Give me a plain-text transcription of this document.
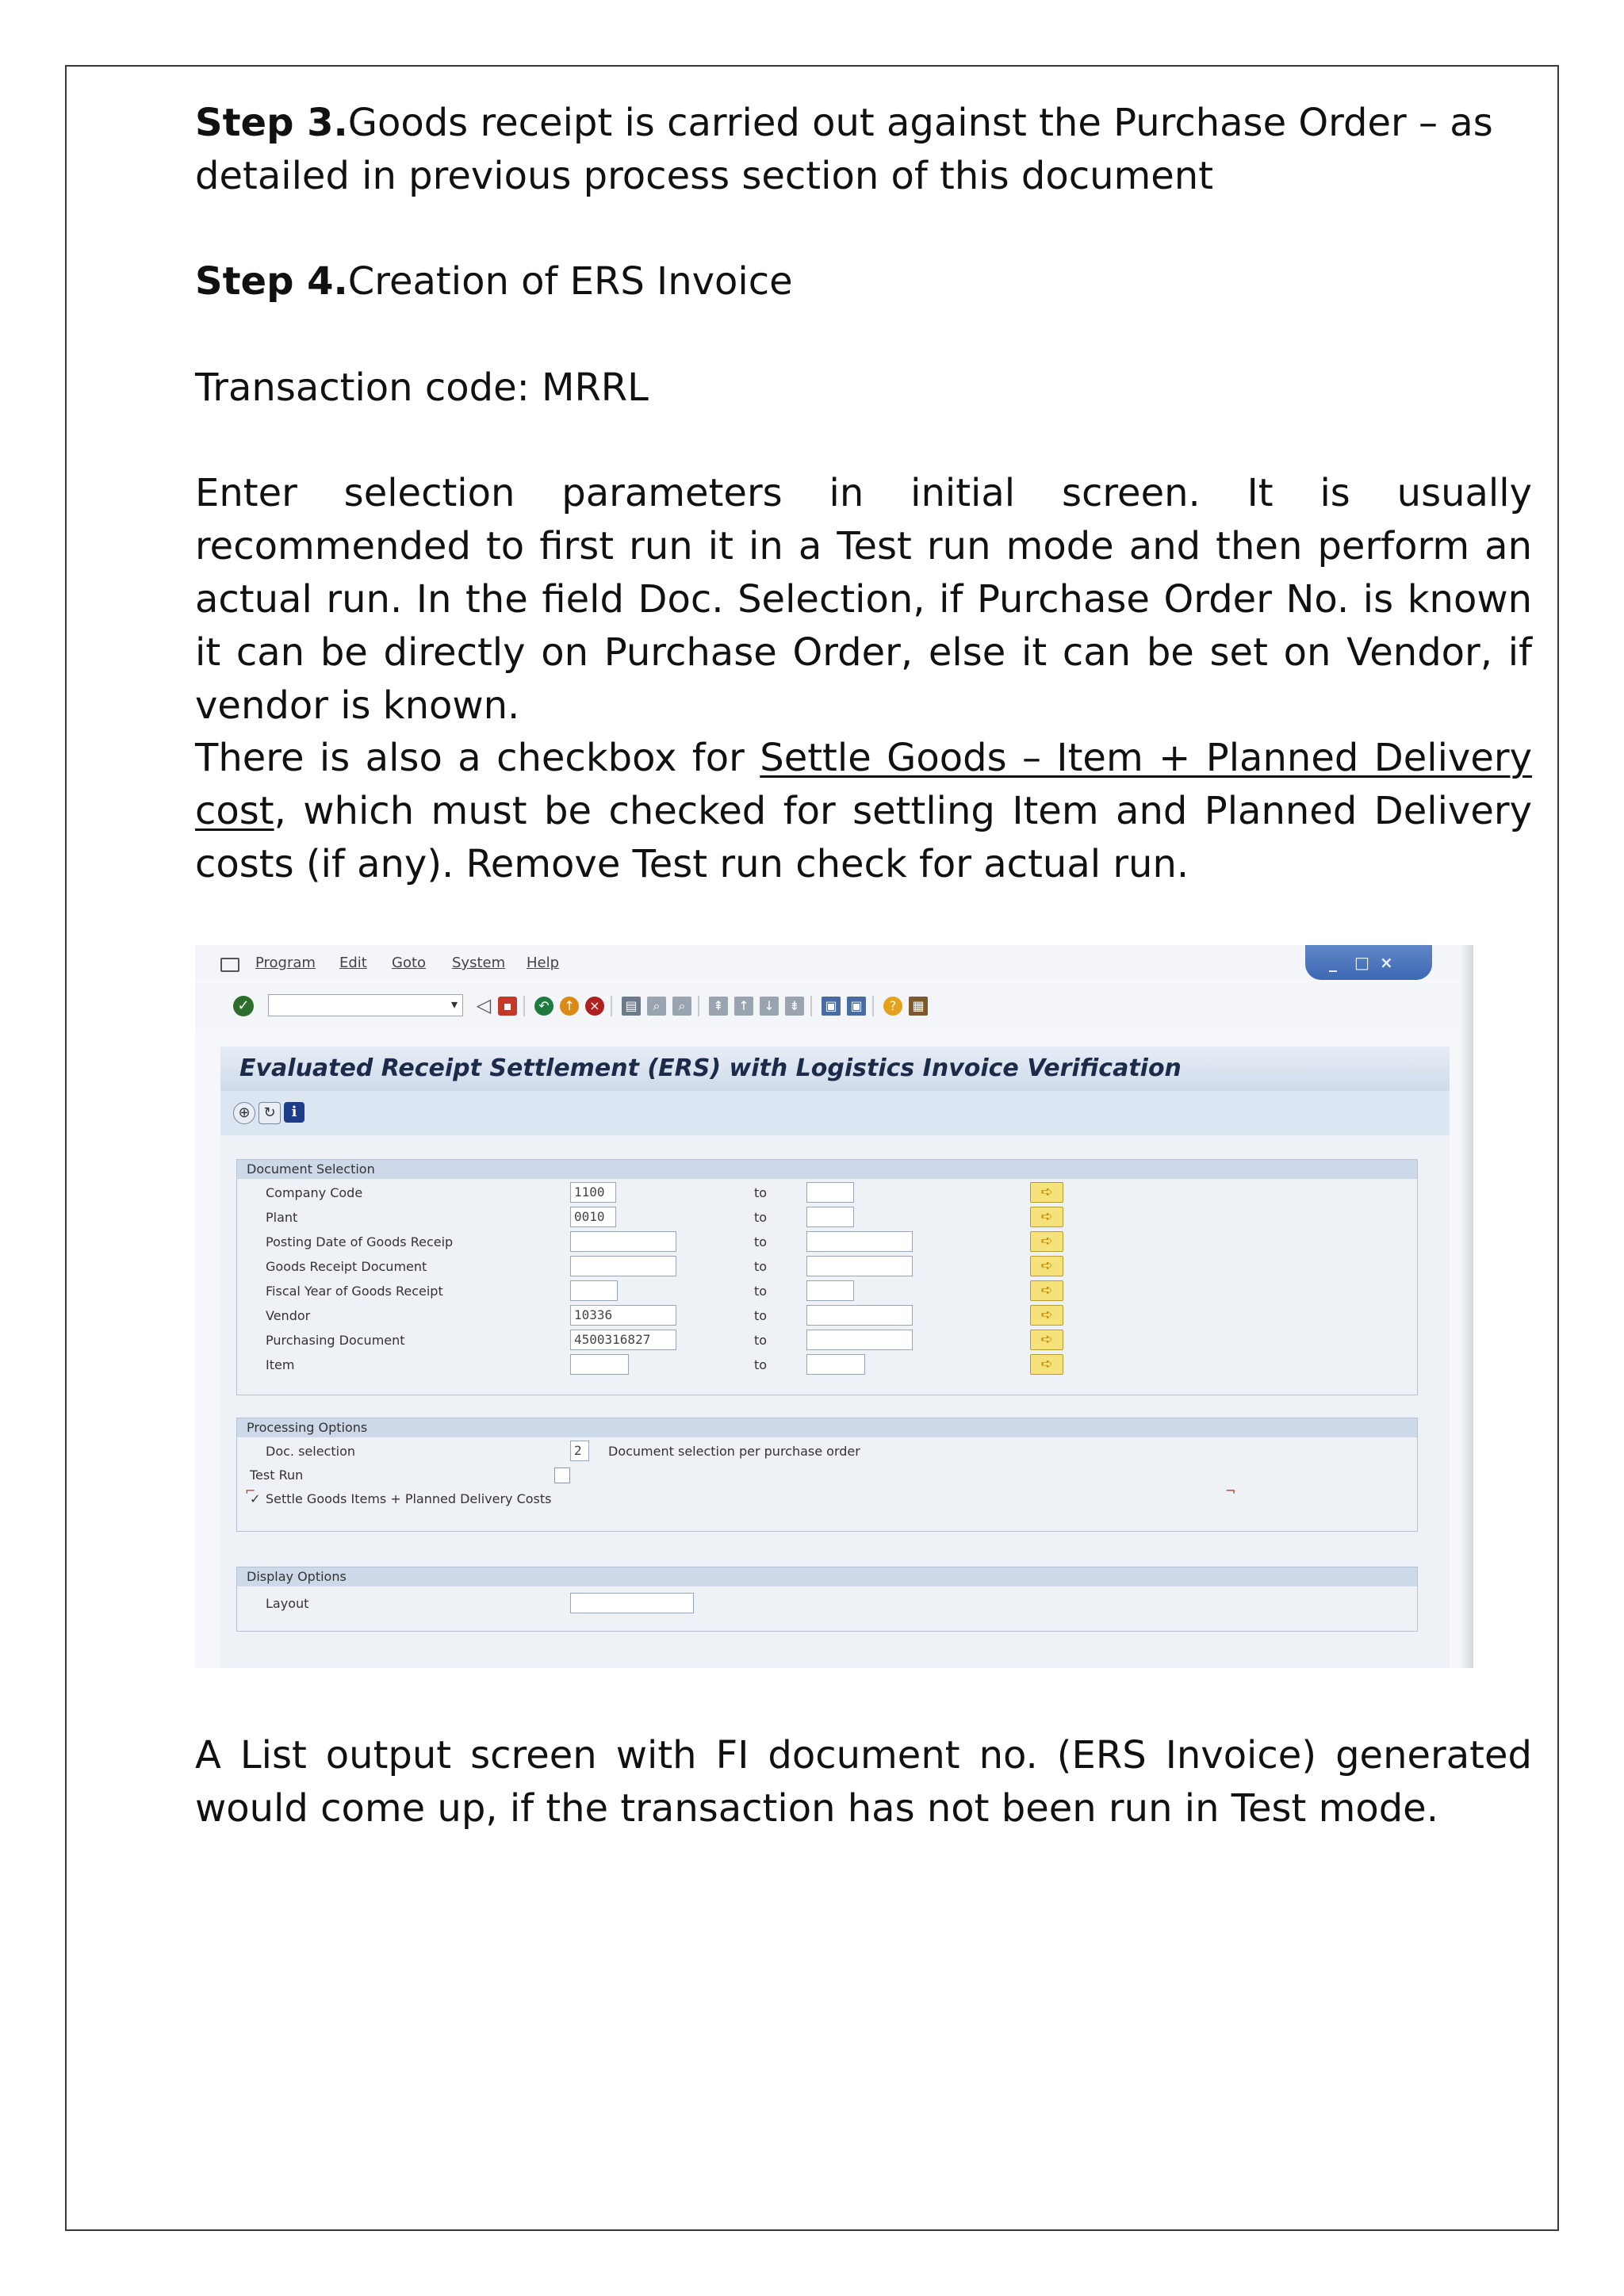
Step 3.Goods receipt is carried out against the Purchase Order – as
detailed in previous process section of this document

Step 4.Creation of ERS Invoice

Transaction code: MRRL

Enter selection parameters in initial screen. It is usually recommended to first run it in a Test run mode and then perform an actual run. In the field Doc. Selection, if Purchase Order No. is known it can be directly on Purchase Order, else it can be set on Vendor, if vendor is known.

There is also a checkbox for Settle Goods – Item + Planned Delivery cost, which must be checked for settling Item and Planned Delivery costs (if any). Remove Test run check for actual run.

Program Edit Goto System Help	_ □ ×
✓	▾ ◁ ▪	↶	↑	×	▤	⌕	⌕	⇞	↑	↓	⇟	▣ ▣	?	▦
Evaluated Receipt Settlement (ERS) with Logistics Invoice Verification
⊕ ↻	i
Document Selection
Company Code	1100	to	➪
Plant	0010	to	➪
Posting Date of Goods Receip	to	➪
Goods Receipt Document	to	➪
Fiscal Year of Goods Receipt	to	➪
Vendor	10336	to	➪
Purchasing Document	4500316827	to	➪
Item	to	➪
Processing Options
Doc. selection	2	Document selection per purchase order
Test Run
⌐
✓ Settle Goods Items + Planned Delivery Costs
¬
Display Options
Layout

A List output screen with FI document no. (ERS Invoice) generated would come up, if the transaction has not been run in Test mode.
